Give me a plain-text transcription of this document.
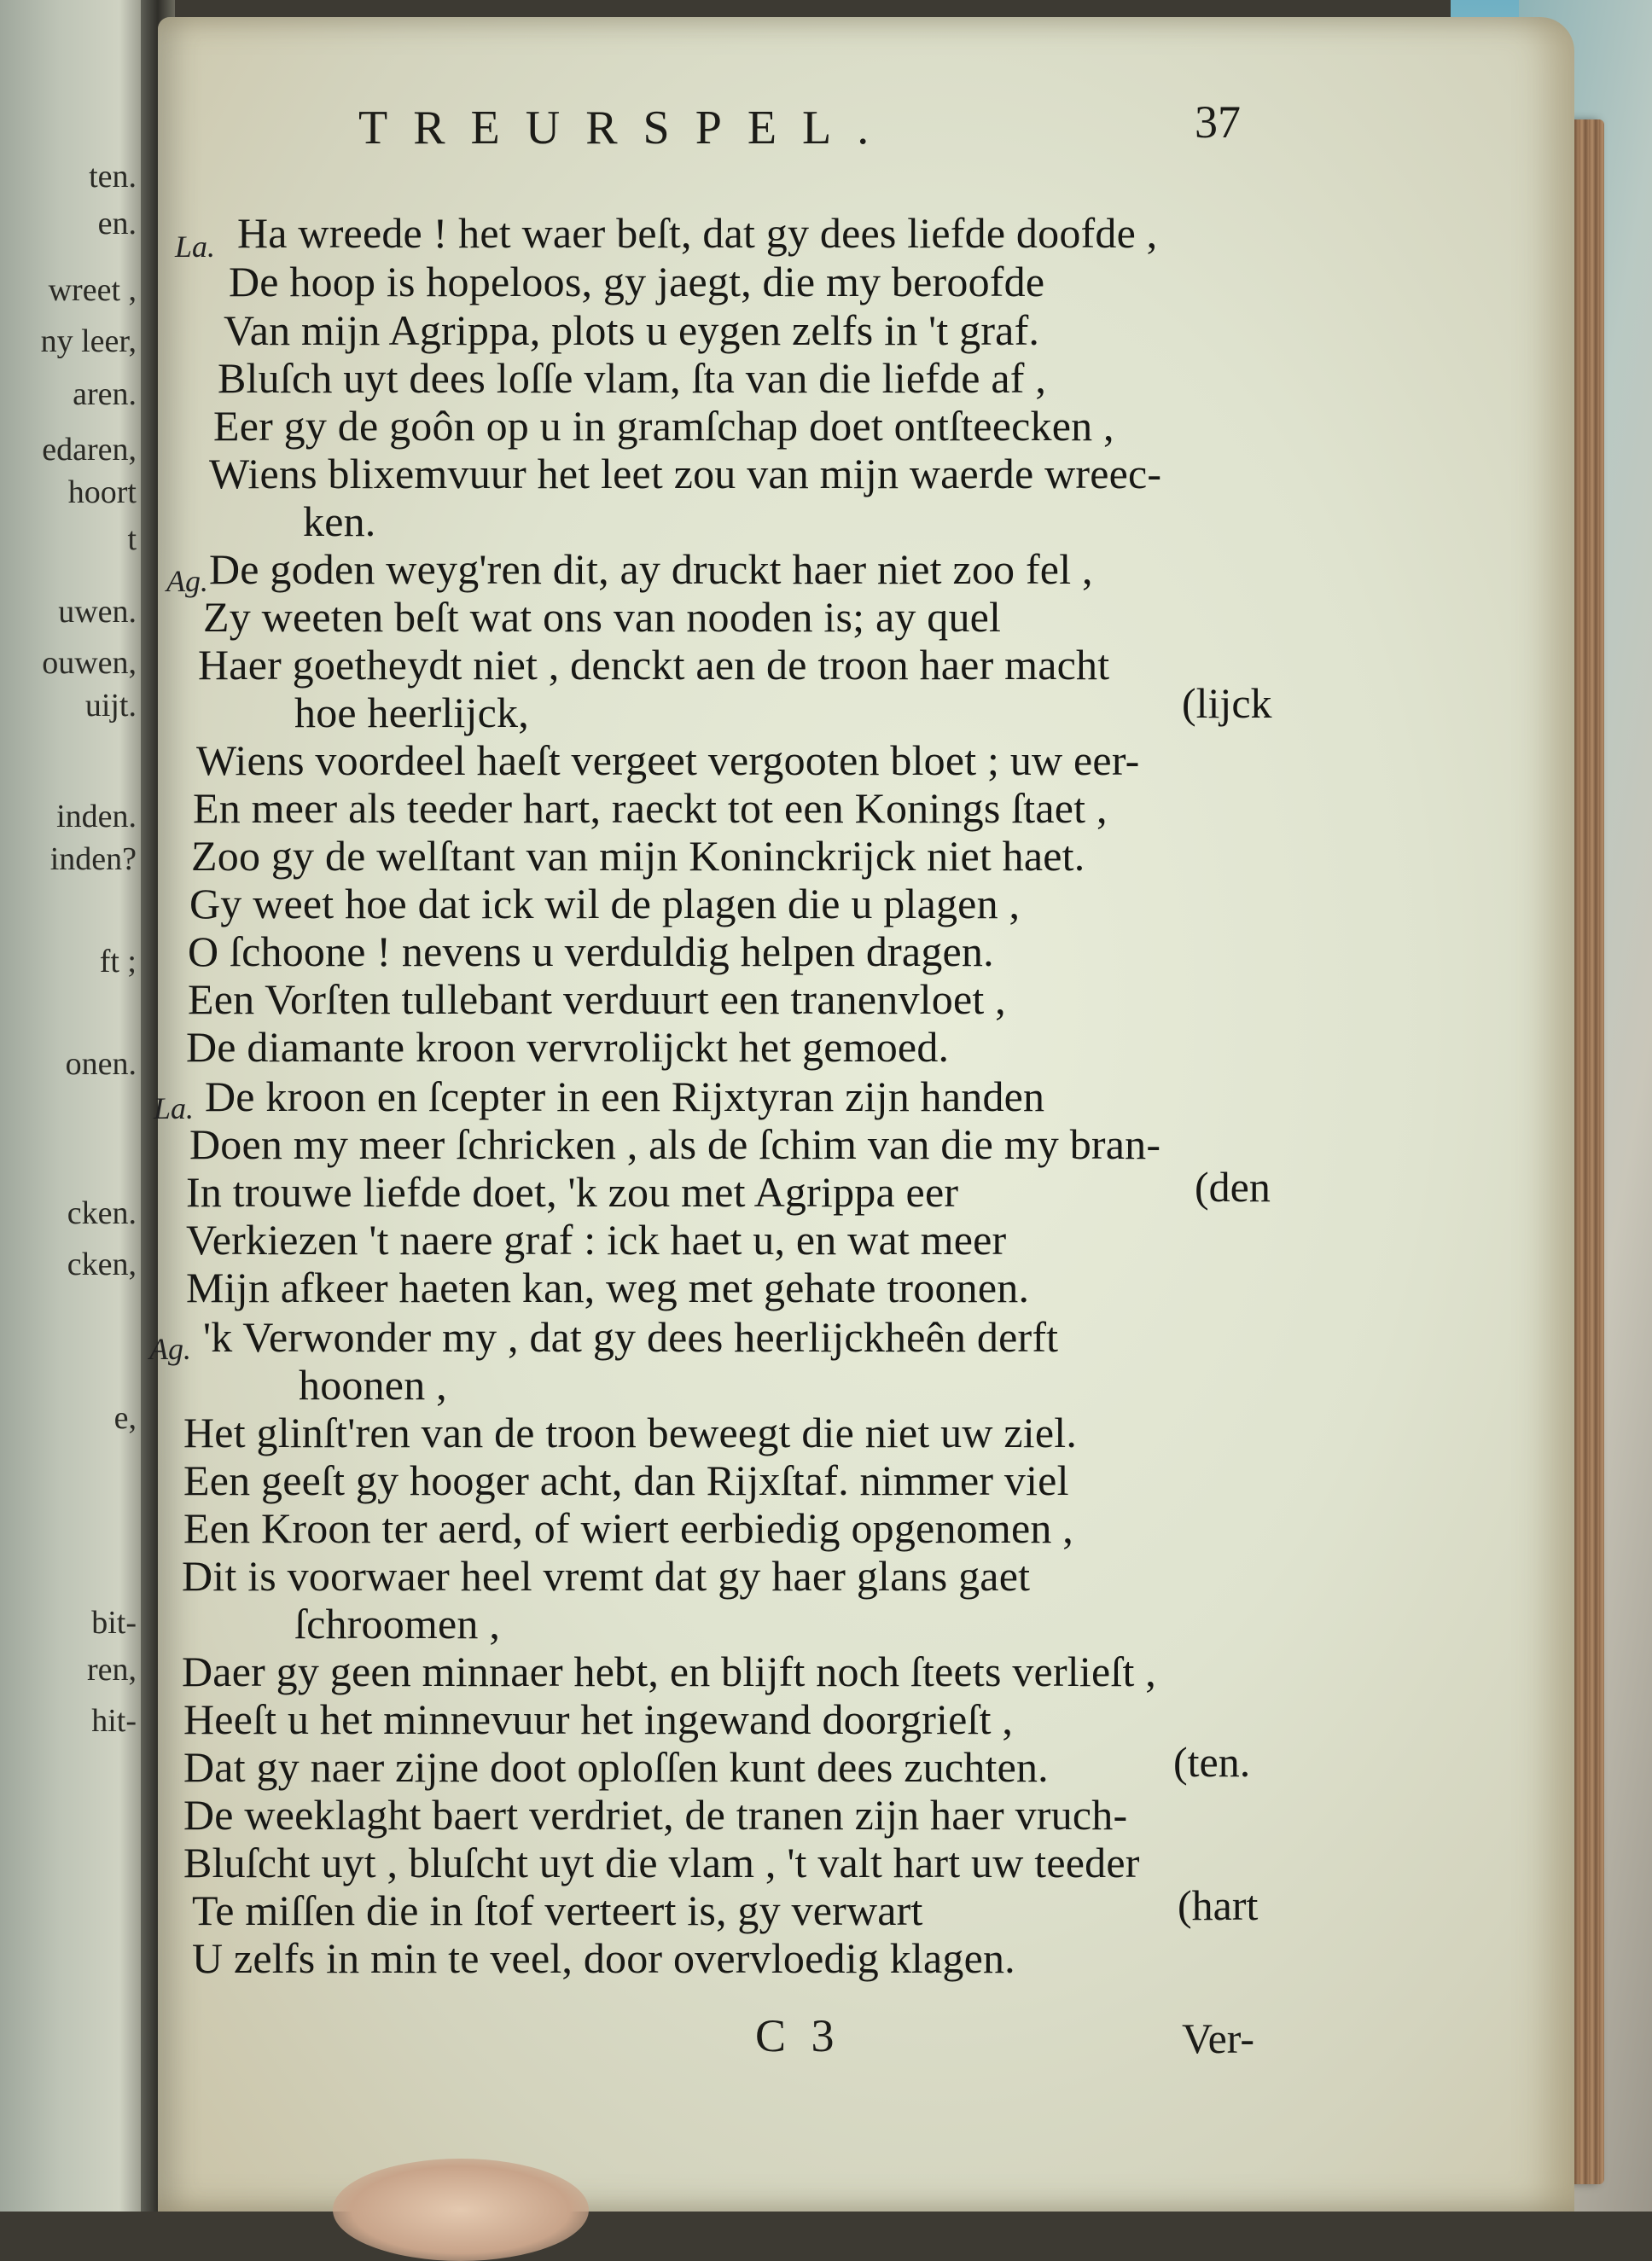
ten.
en.
wreet ,
ny leer,
aren.
edaren,
hoort
t
uwen.
ouwen,
uijt.
inden.
inden?
ft ;
onen.
cken.
cken,
e,
bit-
ren,
hit-
TREURSPEL.	37
La. Ha wreede ! het waer beſt, dat gy dees liefde doofde ,
De hoop is hopeloos, gy jaegt, die my beroofde
Van mijn Agrippa, plots u eygen zelfs in 't graf.
Bluſch uyt dees loſſe vlam, ſta van die liefde af ,
Eer gy de goôn op u in gramſchap doet ontſteecken ,
Wiens blixemvuur het leet zou van mijn waerde wreec-
ken.
Ag. De goden weyg'ren dit, ay druckt haer niet zoo fel ,
Zy weeten beſt wat ons van nooden is; ay quel
Haer goetheydt niet , denckt aen de troon haer macht
hoe heerlijck,
Wiens voordeel haeſt vergeet vergooten bloet ; uw eer-
En meer als teeder hart, raeckt tot een Konings ſtaet ,
Zoo gy de welſtant van mijn Koninckrijck niet haet.
Gy weet hoe dat ick wil de plagen die u plagen ,
O ſchoone ! nevens u verduldig helpen dragen.
Een Vorſten tullebant verduurt een tranenvloet ,
De diamante kroon vervrolijckt het gemoed.
La. De kroon en ſcepter in een Rijxtyran zijn handen
Doen my meer ſchricken , als de ſchim van die my bran-
In trouwe liefde doet, 'k zou met Agrippa eer
Verkiezen 't naere graf : ick haet u, en wat meer
Mijn afkeer haeten kan, weg met gehate troonen.
Ag. 'k Verwonder my , dat gy dees heerlijckheên derft
hoonen ,
Het glinſt'ren van de troon beweegt die niet uw ziel.
Een geeſt gy hooger acht, dan Rijxſtaf. nimmer viel
Een Kroon ter aerd, of wiert eerbiedig opgenomen ,
Dit is voorwaer heel vremt dat gy haer glans gaet
ſchroomen ,
Daer gy geen minnaer hebt, en blijft noch ſteets verlieſt ,
Heeſt u het minnevuur het ingewand doorgrieſt ,
Dat gy naer zijne doot oploſſen kunt dees zuchten.
De weeklaght baert verdriet, de tranen zijn haer vruch-
Bluſcht uyt , bluſcht uyt die vlam , 't valt hart uw teeder
Te miſſen die in ſtof verteert is, gy verwart
U zelfs in min te veel, door overvloedig klagen.
(lijck
(den
(ten.
(hart
C 3	Ver-
